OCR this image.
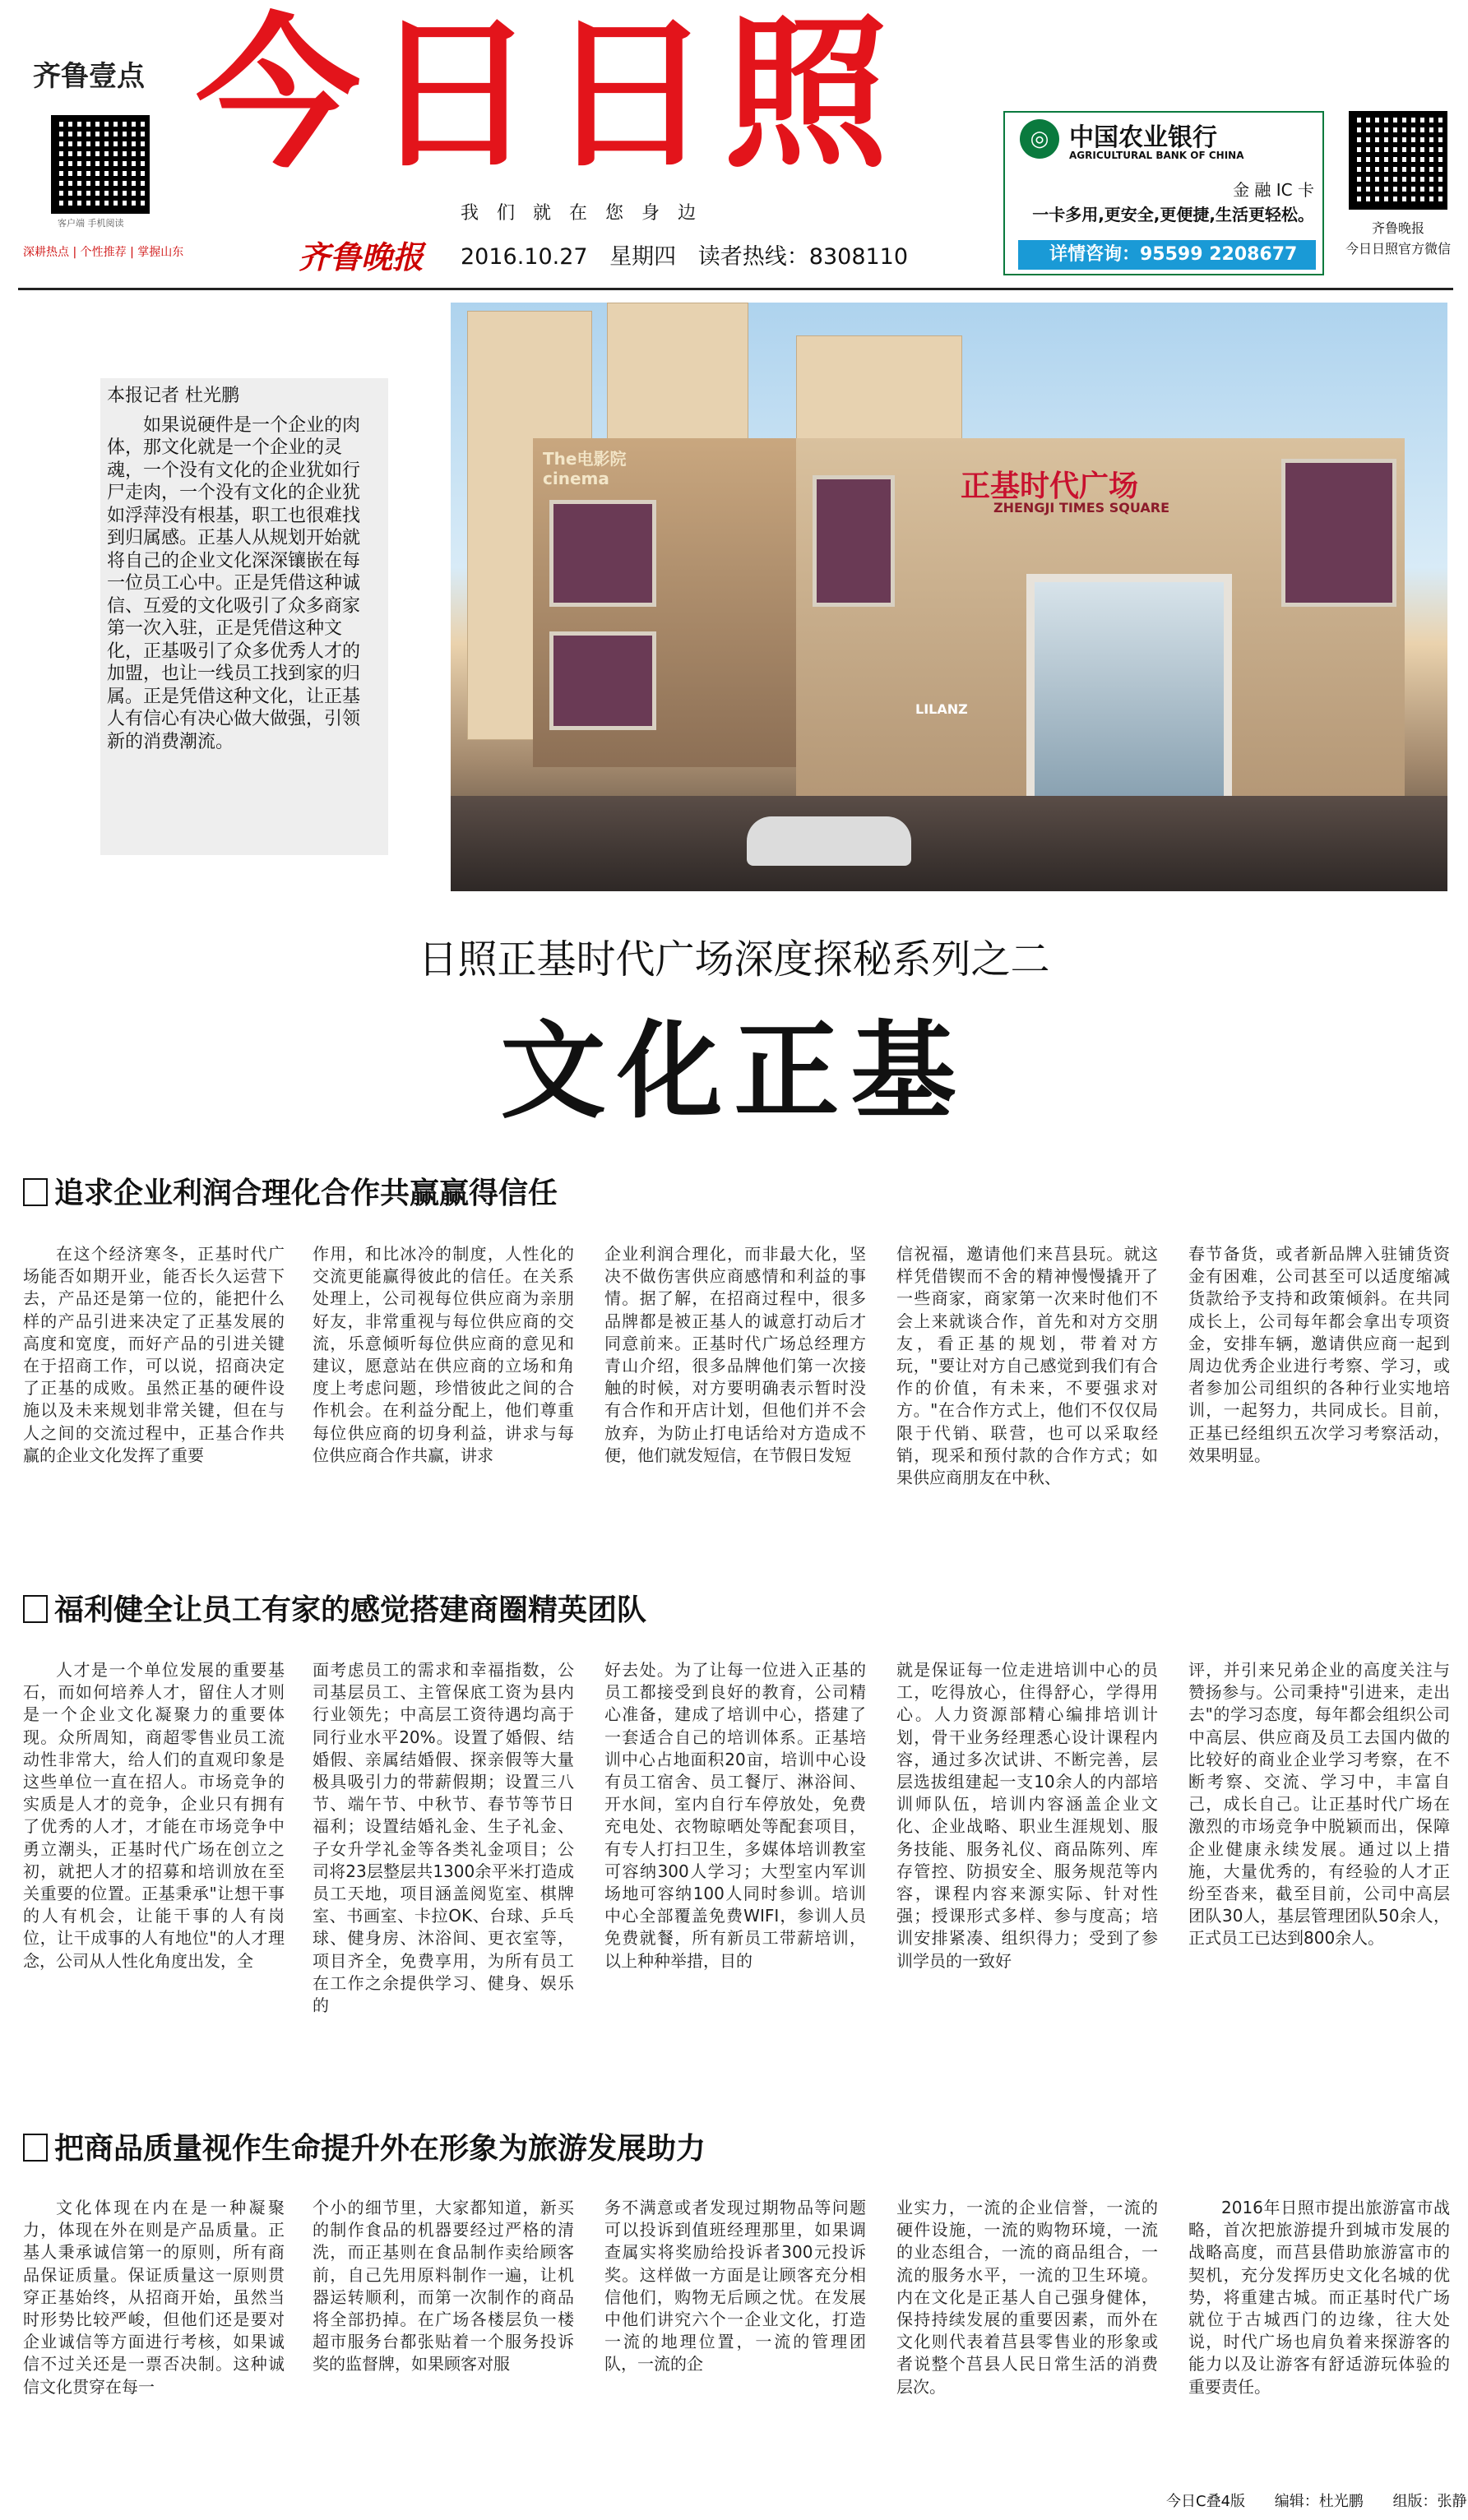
齐鲁壹点
客户端 手机阅读
深耕热点 | 个性推荐 | 掌握山东
今日日照
我们就在您身边
齐鲁晚报 2016.10.27 星期四 读者热线：8308110
◎ 中国农业银行
AGRICULTURAL BANK OF CHINA
金 融 IC 卡
一卡多用,更安全,更便捷,生活更轻松。
详情咨询：95599 2208677
齐鲁晚报
今日日照官方微信
本报记者 杜光鹏
如果说硬件是一个企业的肉体，那文化就是一个企业的灵魂，一个没有文化的企业犹如行尸走肉，一个没有文化的企业犹如浮萍没有根基，职工也很难找到归属感。正基人从规划开始就将自己的企业文化深深镶嵌在每一位员工心中。正是凭借这种诚信、互爱的文化吸引了众多商家第一次入驻，正是凭借这种文化，正基吸引了众多优秀人才的加盟，也让一线员工找到家的归属。正是凭借这种文化，让正基人有信心有决心做大做强，引领新的消费潮流。
正基时代广场
ZHENGJI TIMES SQUARE
The电影院
cinema
LILANZ
日照正基时代广场深度探秘系列之二
文化正基
追求企业利润合理化合作共赢赢得信任
在这个经济寒冬，正基时代广场能否如期开业，能否长久运营下去，产品还是第一位的，能把什么样的产品引进来决定了正基发展的高度和宽度，而好产品的引进关键在于招商工作，可以说，招商决定了正基的成败。虽然正基的硬件设施以及未来规划非常关键，但在与人之间的交流过程中，正基合作共赢的企业文化发挥了重要
作用，和比冰冷的制度，人性化的交流更能赢得彼此的信任。在关系处理上，公司视每位供应商为亲朋好友，非常重视与每位供应商的交流，乐意倾听每位供应商的意见和建议，愿意站在供应商的立场和角度上考虑问题，珍惜彼此之间的合作机会。在利益分配上，他们尊重每位供应商的切身利益，讲求与每位供应商合作共赢，讲求
企业利润合理化，而非最大化，坚决不做伤害供应商感情和利益的事情。据了解，在招商过程中，很多品牌都是被正基人的诚意打动后才同意前来。正基时代广场总经理方青山介绍，很多品牌他们第一次接触的时候，对方要明确表示暂时没有合作和开店计划，但他们并不会放弃，为防止打电话给对方造成不便，他们就发短信，在节假日发短
信祝福，邀请他们来莒县玩。就这样凭借锲而不舍的精神慢慢撬开了一些商家，商家第一次来时他们不会上来就谈合作，首先和对方交朋友，看正基的规划，带着对方玩，"要让对方自己感觉到我们有合作的价值，有未来，不要强求对方。"在合作方式上，他们不仅仅局限于代销、联营，也可以采取经销，现采和预付款的合作方式；如果供应商朋友在中秋、
春节备货，或者新品牌入驻铺货资金有困难，公司甚至可以适度缩减货款给予支持和政策倾斜。在共同成长上，公司每年都会拿出专项资金，安排车辆，邀请供应商一起到周边优秀企业进行考察、学习，或者参加公司组织的各种行业实地培训，一起努力，共同成长。目前，正基已经组织五次学习考察活动，效果明显。
福利健全让员工有家的感觉搭建商圈精英团队
人才是一个单位发展的重要基石，而如何培养人才，留住人才则是一个企业文化凝聚力的重要体现。众所周知，商超零售业员工流动性非常大，给人们的直观印象是这些单位一直在招人。市场竞争的实质是人才的竞争，企业只有拥有了优秀的人才，才能在市场竞争中勇立潮头，正基时代广场在创立之初，就把人才的招募和培训放在至关重要的位置。正基秉承"让想干事的人有机会，让能干事的人有岗位，让干成事的人有地位"的人才理念，公司从人性化角度出发，全
面考虑员工的需求和幸福指数，公司基层员工、主管保底工资为县内行业领先；中高层工资待遇均高于同行业水平20%。设置了婚假、结婚假、亲属结婚假、探亲假等大量极具吸引力的带薪假期；设置三八节、端午节、中秋节、春节等节日福利；设置结婚礼金、生子礼金、子女升学礼金等各类礼金项目；公司将23层整层共1300余平米打造成员工天地，项目涵盖阅览室、棋牌室、书画室、卡拉OK、台球、乒乓球、健身房、沐浴间、更衣室等，项目齐全，免费享用，为所有员工在工作之余提供学习、健身、娱乐的
好去处。为了让每一位进入正基的员工都接受到良好的教育，公司精心准备，建成了培训中心，搭建了一套适合自己的培训体系。正基培训中心占地面积20亩，培训中心设有员工宿舍、员工餐厅、淋浴间、开水间，室内自行车停放处，免费充电处、衣物晾晒处等配套项目，有专人打扫卫生，多媒体培训教室可容纳300人学习；大型室内军训场地可容纳100人同时参训。培训中心全部覆盖免费WIFI，参训人员免费就餐，所有新员工带薪培训，以上种种举措，目的
就是保证每一位走进培训中心的员工，吃得放心，住得舒心，学得用心。人力资源部精心编排培训计划，骨干业务经理悉心设计课程内容，通过多次试讲、不断完善，层层选拔组建起一支10余人的内部培训师队伍，培训内容涵盖企业文化、企业战略、职业生涯规划、服务技能、服务礼仪、商品陈列、库存管控、防损安全、服务规范等内容，课程内容来源实际、针对性强；授课形式多样、参与度高；培训安排紧凑、组织得力；受到了参训学员的一致好
评，并引来兄弟企业的高度关注与赞扬参与。公司秉持"引进来，走出去"的学习态度，每年都会组织公司中高层、供应商及员工去国内做的比较好的商业企业学习考察，在不断考察、交流、学习中，丰富自己，成长自己。让正基时代广场在激烈的市场竞争中脱颖而出，保障企业健康永续发展。通过以上措施，大量优秀的，有经验的人才正纷至沓来，截至目前，公司中高层团队30人，基层管理团队50余人，正式员工已达到800余人。
把商品质量视作生命提升外在形象为旅游发展助力
文化体现在内在是一种凝聚力，体现在外在则是产品质量。正基人秉承诚信第一的原则，所有商品保证质量。保证质量这一原则贯穿正基始终，从招商开始，虽然当时形势比较严峻，但他们还是要对企业诚信等方面进行考核，如果诚信不过关还是一票否决制。这种诚信文化贯穿在每一
个小的细节里，大家都知道，新买的制作食品的机器要经过严格的清洗，而正基则在食品制作卖给顾客前，自己先用原料制作一遍，让机器运转顺利，而第一次制作的商品将全部扔掉。在广场各楼层负一楼超市服务台都张贴着一个服务投诉奖的监督牌，如果顾客对服
务不满意或者发现过期物品等问题可以投诉到值班经理那里，如果调查属实将奖励给投诉者300元投诉奖。这样做一方面是让顾客充分相信他们，购物无后顾之忧。在发展中他们讲究六个一企业文化，打造一流的地理位置，一流的管理团队，一流的企
业实力，一流的企业信誉，一流的硬件设施，一流的购物环境，一流的业态组合，一流的商品组合，一流的服务水平，一流的卫生环境。内在文化是正基人自己强身健体，保持持续发展的重要因素，而外在文化则代表着莒县零售业的形象或者说整个莒县人民日常生活的消费层次。
2016年日照市提出旅游富市战略，首次把旅游提升到城市发展的战略高度，而莒县借助旅游富市的契机，充分发挥历史文化名城的优势，将重建古城。而正基时代广场就位于古城西门的边缘，往大处说，时代广场也肩负着来探游客的能力以及让游客有舒适游玩体验的重要责任。
今日C叠4版 编辑：杜光鹏 组版：张静
